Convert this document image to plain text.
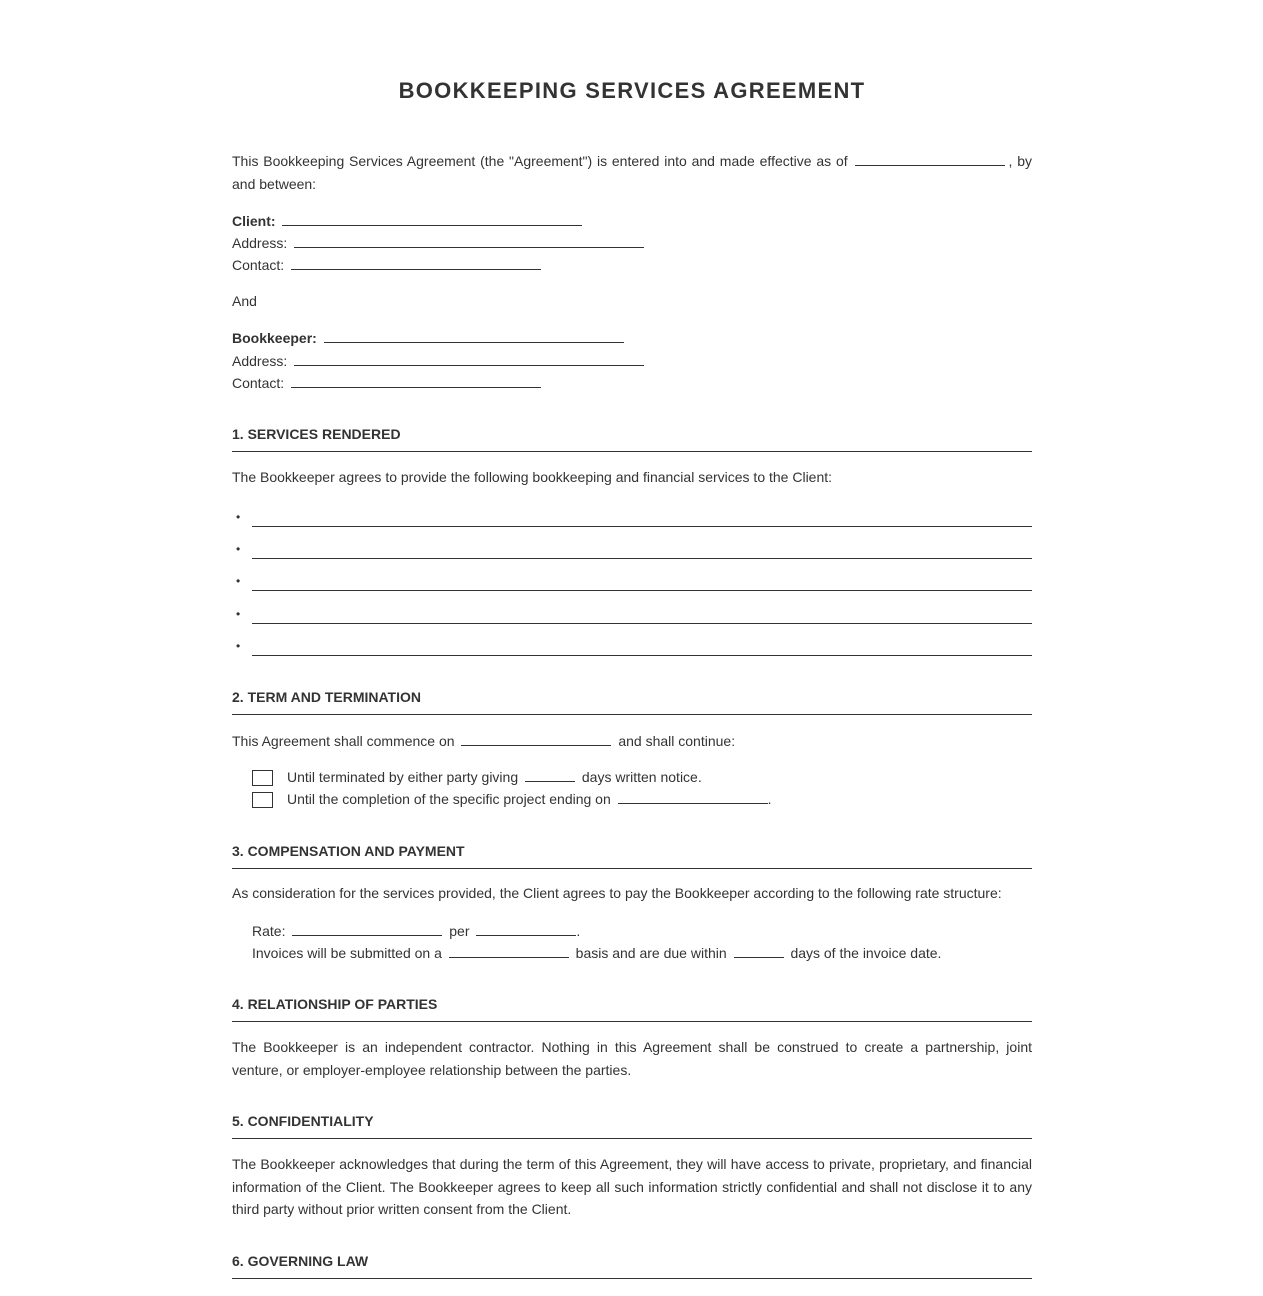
BOOKKEEPING SERVICES AGREEMENT
This Bookkeeping Services Agreement (the "Agreement") is entered into and made effective as of	, by and between:
Client:
Address:
Contact:
And
Bookkeeper:
Address:
Contact:
1. SERVICES RENDERED
The Bookkeeper agrees to provide the following bookkeeping and financial services to the Client:
•
•
•
•
•
2. TERM AND TERMINATION
This Agreement shall commence on	and shall continue:
Until terminated by either party giving	days written notice.
Until the completion of the specific project ending on	.
3. COMPENSATION AND PAYMENT
As consideration for the services provided, the Client agrees to pay the Bookkeeper according to the following rate structure:
Rate:	per	.
Invoices will be submitted on a	basis and are due within	days of the invoice date.
4. RELATIONSHIP OF PARTIES
The Bookkeeper is an independent contractor. Nothing in this Agreement shall be construed to create a partnership, joint venture, or employer-employee relationship between the parties.
5. CONFIDENTIALITY
The Bookkeeper acknowledges that during the term of this Agreement, they will have access to private, proprietary, and financial information of the Client. The Bookkeeper agrees to keep all such information strictly confidential and shall not disclose it to any third party without prior written consent from the Client.
6. GOVERNING LAW
